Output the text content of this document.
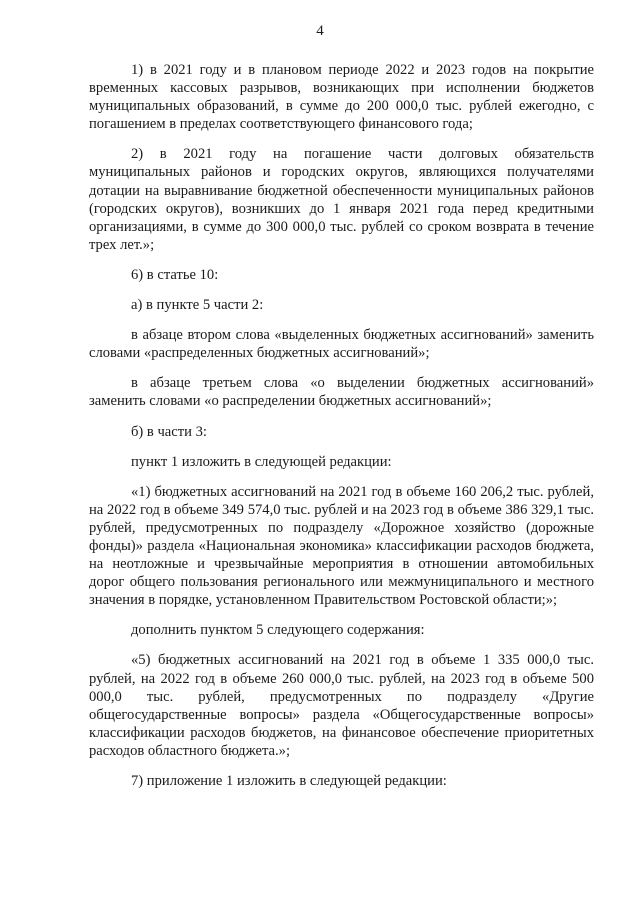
4

1) в 2021 году и в плановом периоде 2022 и 2023 годов на покрытие временных кассовых разрывов, возникающих при исполнении бюджетов муниципальных образований, в сумме до 200 000,0 тыс. рублей ежегодно, с погашением в пределах соответствующего финансового года;

2) в 2021 году на погашение части долговых обязательств муниципальных районов и городских округов, являющихся получателями дотации на выравнивание бюджетной обеспеченности муниципальных районов (городских округов), возникших до 1 января 2021 года перед кредитными организациями, в сумме до 300 000,0 тыс. рублей со сроком возврата в течение трех лет.»;

6) в статье 10:

а) в пункте 5 части 2:

в абзаце втором слова «выделенных бюджетных ассигнований» заменить словами «распределенных бюджетных ассигнований»;

в абзаце третьем слова «о выделении бюджетных ассигнований» заменить словами «о распределении бюджетных ассигнований»;

б) в части 3:

пункт 1 изложить в следующей редакции:

«1) бюджетных ассигнований на 2021 год в объеме 160 206,2 тыс. рублей, на 2022 год в объеме 349 574,0 тыс. рублей и на 2023 год в объеме 386 329,1 тыс. рублей, предусмотренных по подразделу «Дорожное хозяйство (дорожные фонды)» раздела «Национальная экономика» классификации расходов бюджета, на неотложные и чрезвычайные мероприятия в отношении автомобильных дорог общего пользования регионального или межмуниципального и местного значения в порядке, установленном Правительством Ростовской области;»;

дополнить пунктом 5 следующего содержания:

«5) бюджетных ассигнований на 2021 год в объеме 1 335 000,0 тыс. рублей, на 2022 год в объеме 260 000,0 тыс. рублей, на 2023 год в объеме 500 000,0 тыс. рублей, предусмотренных по подразделу «Другие общегосударственные вопросы» раздела «Общегосударственные вопросы» классификации расходов бюджетов, на финансовое обеспечение приоритетных расходов областного бюджета.»;

7) приложение 1 изложить в следующей редакции:
